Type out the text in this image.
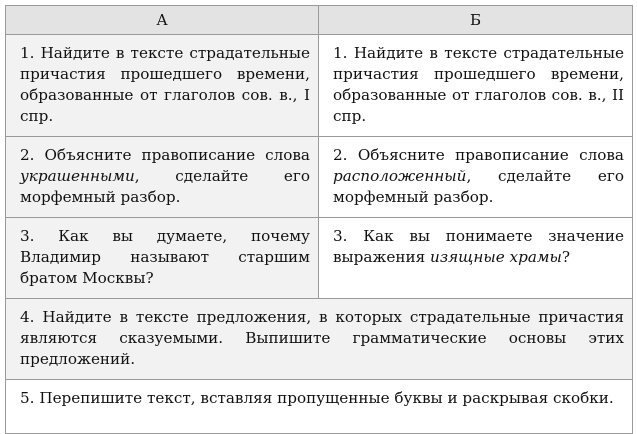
А	Б
1. Найдите в тексте страдательные причастия прошедшего времени, образованные от глаголов сов. в., I спр.	1. Найдите в тексте страдательные причастия прошедшего времени, образованные от глаголов сов. в., II спр.
2. Объясните правописание слова украшенными, сделайте его морфемный разбор.	2. Объясните правописание слова расположенный, сделайте его морфемный разбор.
3. Как вы думаете, почему Владимир называют старшим братом Москвы?	3. Как вы понимаете значение выражения изящные храмы?
4. Найдите в тексте предложения, в которых страдательные причастия являются сказуемыми. Выпишите грамматические основы этих предложений.	
5. Перепишите текст, вставляя пропущенные буквы и раскрывая скобки.	
